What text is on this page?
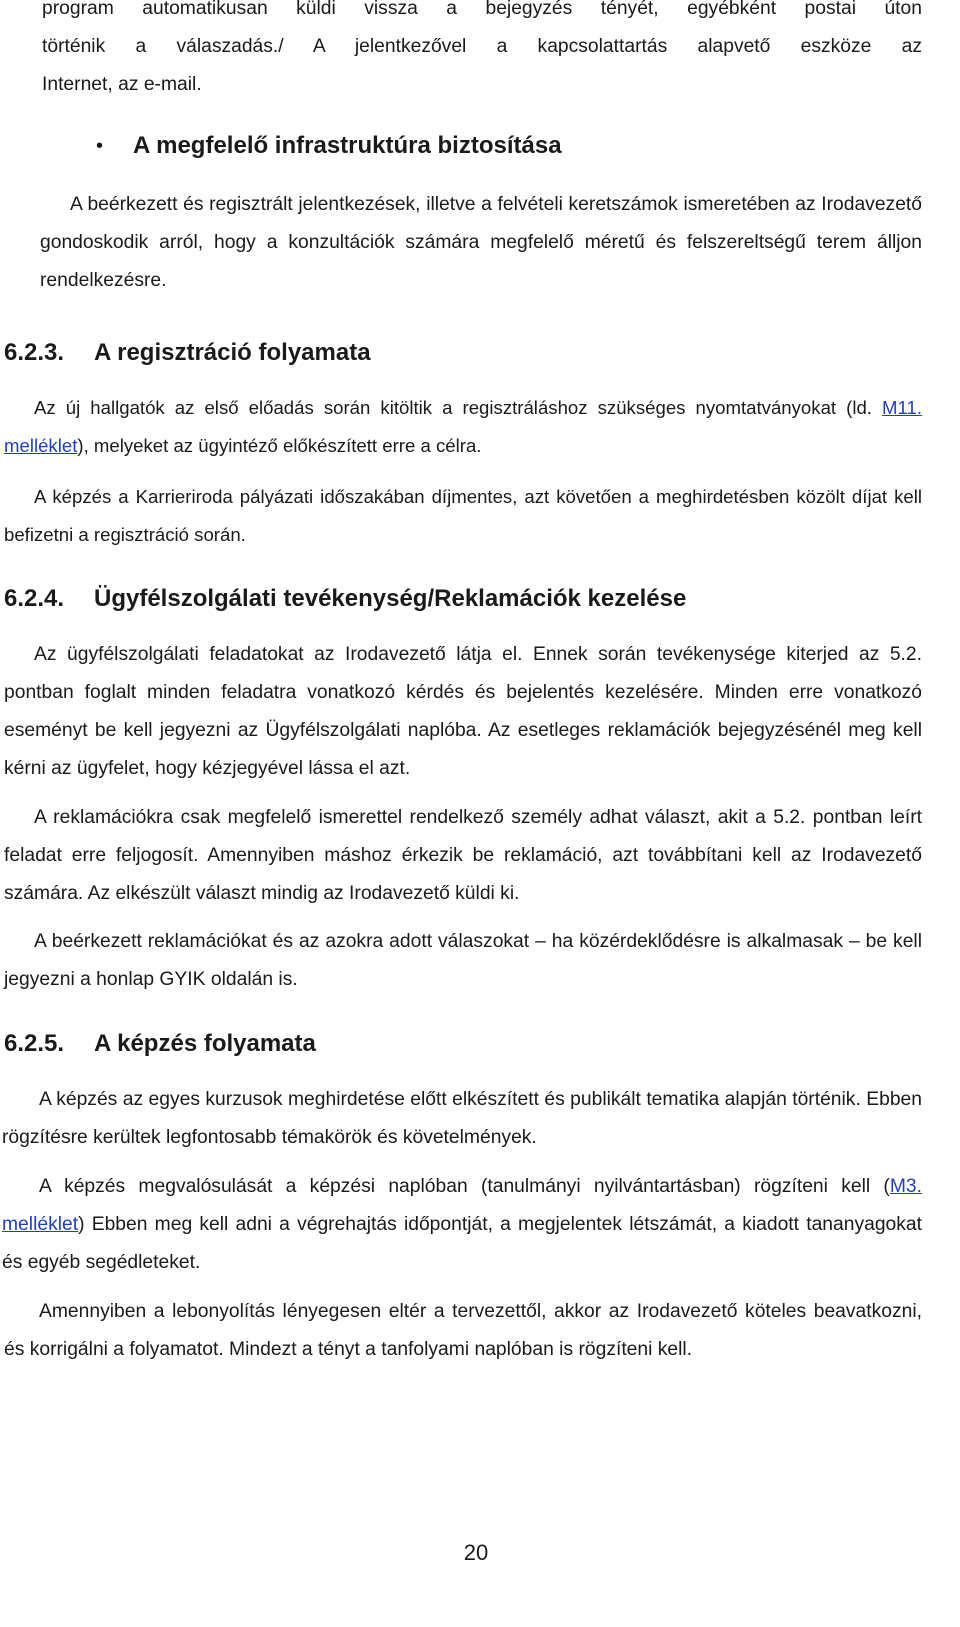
program automatikusan küldi vissza a bejegyzés tényét, egyébként postai úton

történik a válaszadás./ A jelentkezővel a kapcsolattartás alapvető eszköze az

Internet, az e-mail.

• A megfelelő infrastruktúra biztosítása

A beérkezett és regisztrált jelentkezések, illetve a felvételi keretszámok ismeretében az Irodavezető gondoskodik arról, hogy a konzultációk számára megfelelő méretű és felszereltségű terem álljon rendelkezésre.

6.2.3. A regisztráció folyamata

Az új hallgatók az első előadás során kitöltik a regisztráláshoz szükséges nyomtatványokat (ld. M11. melléklet), melyeket az ügyintéző előkészített erre a célra.

A képzés a Karrieriroda pályázati időszakában díjmentes, azt követően a meghirdetésben közölt díjat kell befizetni a regisztráció során.

6.2.4. Ügyfélszolgálati tevékenység/Reklamációk kezelése

Az ügyfélszolgálati feladatokat az Irodavezető látja el. Ennek során tevékenysége kiterjed az 5.2. pontban foglalt minden feladatra vonatkozó kérdés és bejelentés kezelésére. Minden erre vonatkozó eseményt be kell jegyezni az Ügyfélszolgálati naplóba. Az esetleges reklamációk bejegyzésénél meg kell kérni az ügyfelet, hogy kézjegyével lássa el azt.

A reklamációkra csak megfelelő ismerettel rendelkező személy adhat választ, akit a 5.2. pontban leírt feladat erre feljogosít. Amennyiben máshoz érkezik be reklamáció, azt továbbítani kell az Irodavezető számára. Az elkészült választ mindig az Irodavezető küldi ki.

A beérkezett reklamációkat és az azokra adott válaszokat – ha közérdeklődésre is alkalmasak – be kell jegyezni a honlap GYIK oldalán is.

6.2.5. A képzés folyamata

A képzés az egyes kurzusok meghirdetése előtt elkészített és publikált tematika alapján történik. Ebben rögzítésre kerültek legfontosabb témakörök és követelmények.

A képzés megvalósulását a képzési naplóban (tanulmányi nyilvántartásban) rögzíteni kell (M3. melléklet) Ebben meg kell adni a végrehajtás időpontját, a megjelentek létszámát, a kiadott tananyagokat és egyéb segédleteket.

Amennyiben a lebonyolítás lényegesen eltér a tervezettől, akkor az Irodavezető köteles beavatkozni, és korrigálni a folyamatot. Mindezt a tényt a tanfolyami naplóban is rögzíteni kell.

20
